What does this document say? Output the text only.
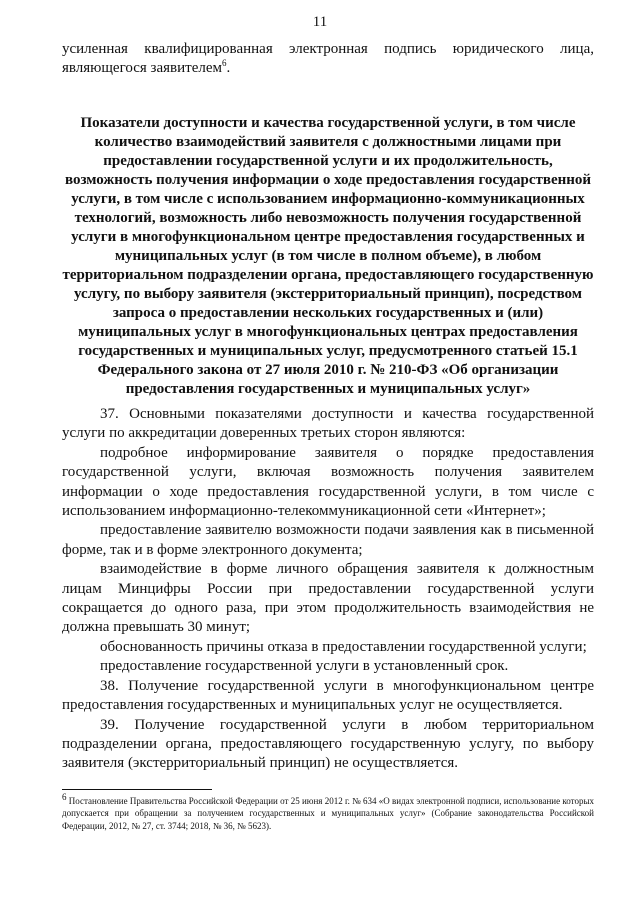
11

усиленная квалифицированная электронная подпись юридического лица, являющегося заявителем$^6$.

Показатели доступности и качества государственной услуги, в том числе количество взаимодействий заявителя с должностными лицами при предоставлении государственной услуги и их продолжительность, возможность получения информации о ходе предоставления государственной услуги, в том числе с использованием информационно-коммуникационных технологий, возможность либо невозможность получения государственной услуги в многофункциональном центре предоставления государственных и муниципальных услуг (в том числе в полном объеме), в любом территориальном подразделении органа, предоставляющего государственную услугу, по выбору заявителя (экстерриториальный принцип), посредством запроса о предоставлении нескольких государственных и (или) муниципальных услуг в многофункциональных центрах предоставления государственных и муниципальных услуг, предусмотренного статьей 15.1 Федерального закона от 27 июля 2010 г. № 210-ФЗ «Об организации предоставления государственных и муниципальных услуг»

37. Основными показателями доступности и качества государственной услуги по аккредитации доверенных третьих сторон являются:

подробное информирование заявителя о порядке предоставления государственной услуги, включая возможность получения заявителем информации о ходе предоставления государственной услуги, в том числе с использованием информационно-телекоммуникационной сети «Интернет»;

предоставление заявителю возможности подачи заявления как в письменной форме, так и в форме электронного документа;

взаимодействие в форме личного обращения заявителя к должностным лицам Минцифры России при предоставлении государственной услуги сокращается до одного раза, при этом продолжительность взаимодействия не должна превышать 30 минут;

обоснованность причины отказа в предоставлении государственной услуги;

предоставление государственной услуги в установленный срок.

38. Получение государственной услуги в многофункциональном центре предоставления государственных и муниципальных услуг не осуществляется.

39. Получение государственной услуги в любом территориальном подразделении органа, предоставляющего государственную услугу, по выбору заявителя (экстерриториальный принцип) не осуществляется.

$^6$ Постановление Правительства Российской Федерации от 25 июня 2012 г. № 634 «О видах электронной подписи, использование которых допускается при обращении за получением государственных и муниципальных услуг» (Собрание законодательства Российской Федерации, 2012, № 27, ст. 3744; 2018, № 36, № 5623).
